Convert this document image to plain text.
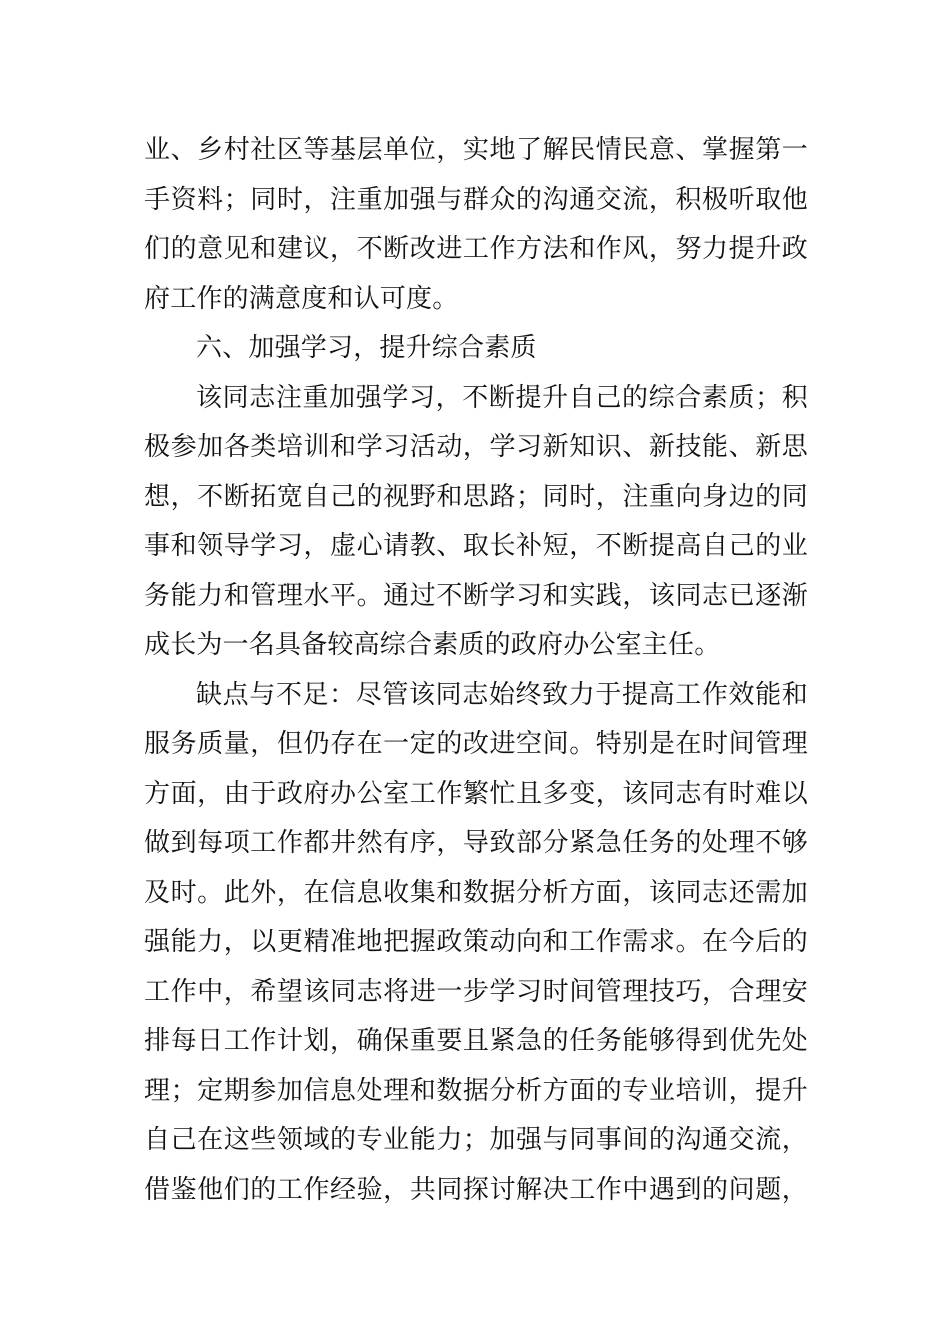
业、乡村社区等基层单位，实地了解民情民意、掌握第一
手资料；同时，注重加强与群众的沟通交流，积极听取他
们的意见和建议，不断改进工作方法和作风，努力提升政
府工作的满意度和认可度。
六、加强学习，提升综合素质
该同志注重加强学习，不断提升自己的综合素质；积
极参加各类培训和学习活动，学习新知识、新技能、新思
想，不断拓宽自己的视野和思路；同时，注重向身边的同
事和领导学习，虚心请教、取长补短，不断提高自己的业
务能力和管理水平。通过不断学习和实践，该同志已逐渐
成长为一名具备较高综合素质的政府办公室主任。
缺点与不足：尽管该同志始终致力于提高工作效能和
服务质量，但仍存在一定的改进空间。特别是在时间管理
方面，由于政府办公室工作繁忙且多变，该同志有时难以
做到每项工作都井然有序，导致部分紧急任务的处理不够
及时。此外，在信息收集和数据分析方面，该同志还需加
强能力，以更精准地把握政策动向和工作需求。在今后的
工作中，希望该同志将进一步学习时间管理技巧，合理安
排每日工作计划，确保重要且紧急的任务能够得到优先处
理；定期参加信息处理和数据分析方面的专业培训，提升
自己在这些领域的专业能力；加强与同事间的沟通交流，
借鉴他们的工作经验，共同探讨解决工作中遇到的问题，
